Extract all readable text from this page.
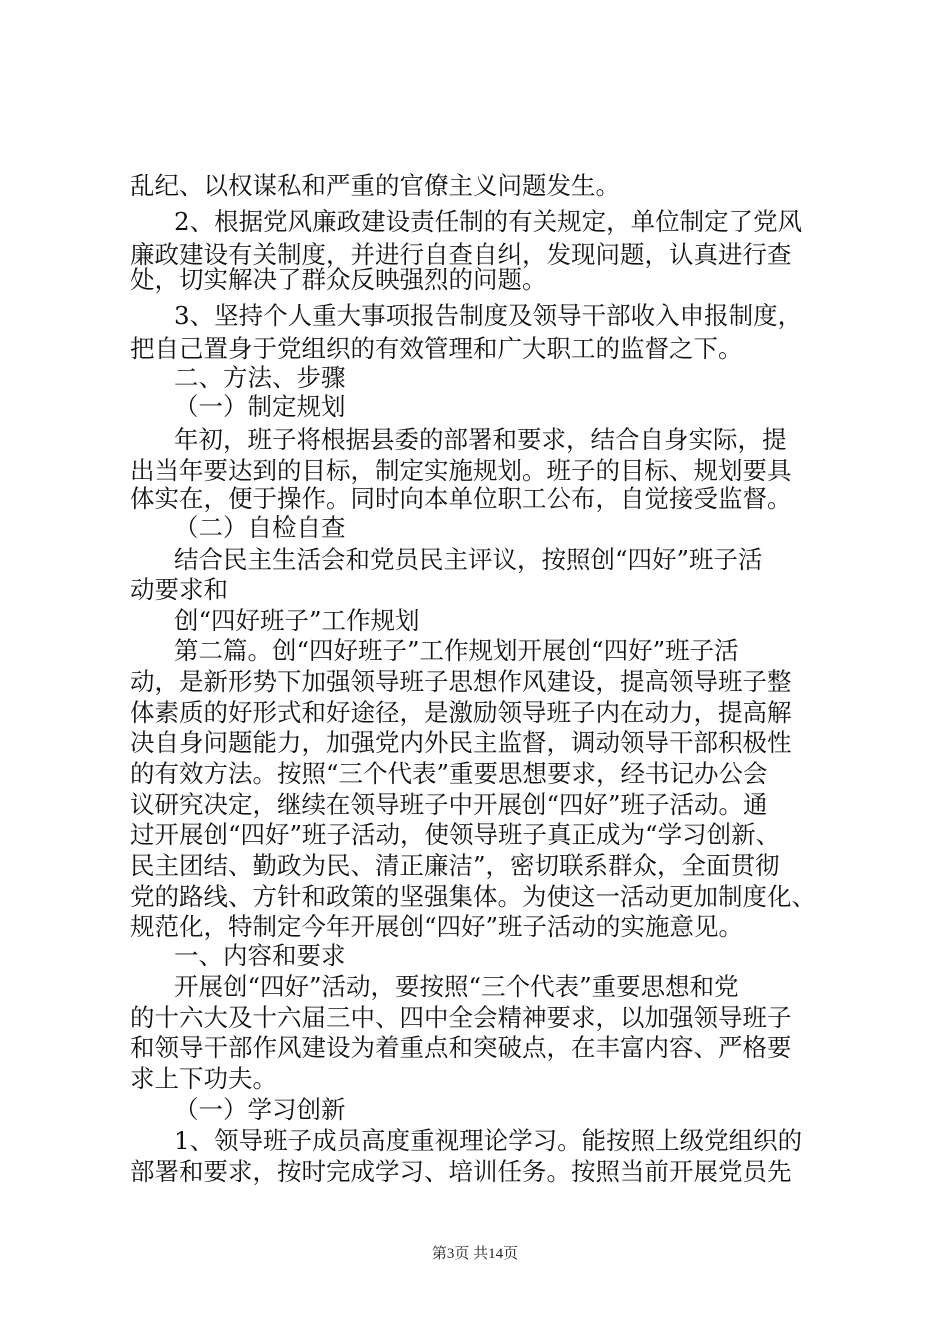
乱纪、以权谋私和严重的官僚主义问题发生。
2、根据党风廉政建设责任制的有关规定，单位制定了党风
廉政建设有关制度，并进行自查自纠，发现问题，认真进行查
处，切实解决了群众反映强烈的问题。
3、坚持个人重大事项报告制度及领导干部收入申报制度，
把自己置身于党组织的有效管理和广大职工的监督之下。
二、方法、步骤
（一）制定规划
年初，班子将根据县委的部署和要求，结合自身实际，提
出当年要达到的目标，制定实施规划。班子的目标、规划要具
体实在，便于操作。同时向本单位职工公布，自觉接受监督。
（二）自检自查
结合民主生活会和党员民主评议，按照创“四好”班子活
动要求和
创“四好班子”工作规划
第二篇。创“四好班子”工作规划开展创“四好”班子活
动，是新形势下加强领导班子思想作风建设，提高领导班子整
体素质的好形式和好途径，是激励领导班子内在动力，提高解
决自身问题能力，加强党内外民主监督，调动领导干部积极性
的有效方法。按照“三个代表”重要思想要求，经书记办公会
议研究决定，继续在领导班子中开展创“四好”班子活动。通
过开展创“四好”班子活动，使领导班子真正成为“学习创新、
民主团结、勤政为民、清正廉洁”，密切联系群众，全面贯彻
党的路线、方针和政策的坚强集体。为使这一活动更加制度化、
规范化，特制定今年开展创“四好”班子活动的实施意见。
一、内容和要求
开展创“四好”活动，要按照“三个代表”重要思想和党
的十六大及十六届三中、四中全会精神要求，以加强领导班子
和领导干部作风建设为着重点和突破点，在丰富内容、严格要
求上下功夫。
（一）学习创新
1、领导班子成员高度重视理论学习。能按照上级党组织的
部署和要求，按时完成学习、培训任务。按照当前开展党员先
第3页 共14页
